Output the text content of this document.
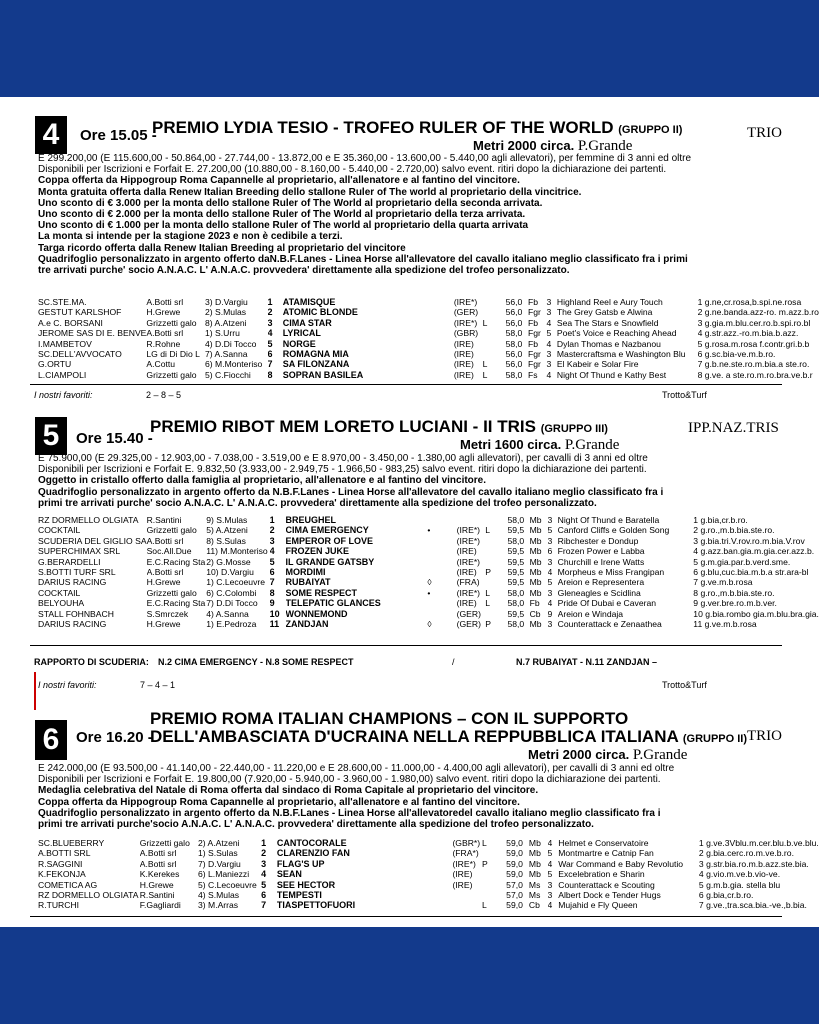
4	Ore 15.05 -
PREMIO LYDIA TESIO - TROFEO RULER OF THE WORLD (GRUPPO II)	TRIO
Metri 2000 circa. P.Grande
E 299.200,00 (E 115.600,00 - 50.864,00 - 27.744,00 - 13.872,00 e E 35.360,00 - 13.600,00 - 5.440,00 agli allevatori), per femmine di 3 anni ed oltre
Disponibili per Iscrizioni e Forfait E. 27.200,00 (10.880,00 - 8.160,00 - 5.440,00 - 2.720,00) salvo event. ritiri dopo la dichiarazione dei partenti.
Coppa offerta da Hippogroup Roma Capannelle al proprietario, all'allenatore e al fantino del vincitore.
Monta gratuita offerta dalla Renew Italian Breeding dello stallone Ruler of The world al proprietario della vincitrice.
Uno sconto di € 3.000 per la monta dello stallone Ruler of The World al proprietario della seconda arrivata.
Uno sconto di € 2.000 per la monta dello stallone Ruler of The World al proprietario della terza arrivata.
Uno sconto di € 1.000 per la monta dello stallone Ruler of The world al proprietario della quarta arrivata
La monta si intende per la stagione 2023 e non è cedibile a terzi.
Targa ricordo offerta dalla Renew Italian Breeding al proprietario del vincitore
Quadrifoglio personalizzato in argento offerto daN.B.F.Lanes - Linea Horse all'allevatore del cavallo italiano meglio classificato fra i primi
tre arrivati purche' socio A.N.A.C. L' A.N.A.C. provvedera' direttamente alla spedizione del trofeo personalizzato.
SC.STE.MA.	A.Botti srl	3) D.Vargiu	1	ATAMISQUE		(IRE*)		56,0	Fb	3	Highland Reel e Aury Touch	1 g.ne,cr.rosa,b.spi.ne.rosa
GESTUT KARLSHOF	H.Grewe	2) S.Mulas	2	ATOMIC BLONDE		(GER)		56,0	Fgr	3	The Grey Gatsb e Alwina	2 g.ne.banda.azz-ro. m.azz.b.ro
A.e C. BORSANI	Grizzetti galo	8) A.Atzeni	3	CIMA STAR		(IRE*)	L	56,0	Fb	4	Sea The Stars e Snowfield	3 g.gia.m.blu.cer.ro.b.spi.ro.bl
JEROME SAS DI E. BENVE	A.Botti srl	1) S.Urru	4	LYRICAL		(GBR)		58,0	Fgr	5	Poet's Voice e Reaching Ahead	4 g.str.azz.-ro.m.bia.b.azz.
I.MAMBETOV	R.Rohne	4) D.Di Tocco	5	NORGE		(IRE)		58,0	Fb	4	Dylan Thomas e Nazbanou	5 g.rosa.m.rosa f.contr.gri.b.b
SC.DELL'AVVOCATO	LG di Di Dio L	7) A.Sanna	6	ROMAGNA MIA		(IRE)		56,0	Fgr	3	Mastercraftsma e Washington Blu	6 g.sc.bia-ve.m.b.ro.
G.ORTU	A.Cottu	6) M.Monteriso	7	SA FILONZANA		(IRE)	L	56,0	Fgr	3	El Kabeir e Solar Fire	7 g.b.ne.ste.ro.m.bia.a ste.ro.
L.CIAMPOLI	Grizzetti galo	5) C.Fiocchi	8	SOPRAN BASILEA		(IRE)	L	58,0	Fs	4	Night Of Thund e Kathy Best	8 g.ve. a ste.ro.m.ro.bra.ve.b.r
I nostri favoriti:	2 – 8 – 5	Trotto&Turf
5	Ore 15.40 -
PREMIO RIBOT MEM LORETO LUCIANI - II TRIS (GRUPPO III)	IPP.NAZ.TRIS
Metri 1600 circa. P.Grande
E 75.900,00 (E 29.325,00 - 12.903,00 - 7.038,00 - 3.519,00 e E 8.970,00 - 3.450,00 - 1.380,00 agli allevatori), per cavalli di 3 anni ed oltre
Disponibili per Iscrizioni e Forfait E. 9.832,50 (3.933,00 - 2.949,75 - 1.966,50 - 983,25) salvo event. ritiri dopo la dichiarazione dei partenti.
Oggetto in cristallo offerto dalla famiglia al proprietario, all'allenatore e al fantino del vincitore.
Quadrifoglio personalizzato in argento offerto da N.B.F.Lanes - Linea Horse all'allevatore del cavallo italiano meglio classificato fra i
primi tre arrivati purche' socio A.N.A.C. L' A.N.A.C. provvedera' direttamente alla spedizione del trofeo personalizzato.
RZ DORMELLO OLGIATA	R.Santini	9) S.Mulas	1	BREUGHEL				58,0	Mb	3	Night Of Thund e Baratella	1 g.bia,cr.b.ro.
COCKTAIL	Grizzetti galo	5) A.Atzeni	2	CIMA EMERGENCY	•	(IRE*)	L	59,5	Mb	5	Canford Cliffs e Golden Song	2 g.ro.,m.b.bia.ste.ro.
SCUDERIA DEL GIGLIO SA	A.Botti srl	8) S.Sulas	3	EMPEROR OF LOVE		(IRE*)		58,0	Mb	3	Ribchester e Dondup	3 g.bia.tri.V.rov.ro.m.bia.V.rov
SUPERCHIMAX SRL	Soc.All.Due	11) M.Monteriso	4	FROZEN JUKE		(IRE)		59,5	Mb	6	Frozen Power e Labba	4 g.azz.ban.gia.m.gia.cer.azz.b.
G.BERARDELLI	E.C.Racing Sta	2) G.Mosse	5	IL GRANDE GATSBY		(IRE*)		59,5	Mb	3	Churchill e Irene Watts	5 g.m.gia.par.b.verd.sme.
S.BOTTI TURF SRL	A.Botti srl	10) D.Vargiu	6	MORDIMI		(IRE)	P	59,5	Mb	4	Morpheus e Miss Frangipan	6 g.blu,cuc.bia.m.b.a str.ara-bl
DARIUS RACING	H.Grewe	1) C.Lecoeuvre	7	RUBAIYAT	◊	(FRA)		59,5	Mb	5	Areion e Representera	7 g.ve.m.b.rosa
COCKTAIL	Grizzetti galo	6) C.Colombi	8	SOME RESPECT	•	(IRE*)	L	58,0	Mb	3	Gleneagles e Scidlina	8 g.ro.,m.b.bia.ste.ro.
BELYOUHA	E.C.Racing Sta	7) D.Di Tocco	9	TELEPATIC GLANCES		(IRE)	L	58,0	Fb	4	Pride Of Dubai e Caveran	9 g.ver.bre.ro.m.b.ver.
STALL FOHNBACH	S.Smrczek	4) A.Sanna	10	WONNEMOND		(GER)		59,5	Cb	9	Areion e Windaja	10 g.bia.rombo gia.m.blu.bra.gia.
DARIUS RACING	H.Grewe	1) E.Pedroza	11	ZANDJAN	◊	(GER)	P	58,0	Mb	3	Counterattack e Zenaathea	11 g.ve.m.b.rosa
RAPPORTO DI SCUDERIA: N.2 CIMA EMERGENCY - N.8 SOME RESPECT	/	N.7 RUBAIYAT - N.11 ZANDJAN –
I nostri favoriti:	7 – 4 – 1	Trotto&Turf
6
PREMIO ROMA ITALIAN CHAMPIONS – CON IL SUPPORTO
Ore 16.20 -
DELL'AMBASCIATA D'UCRAINA NELLA REPPUBBLICA ITALIANA (GRUPPO II) TRIO
Metri 2000 circa. P.Grande
E 242.000,00 (E 93.500,00 - 41.140,00 - 22.440,00 - 11.220,00 e E 28.600,00 - 11.000,00 - 4.400,00 agli allevatori), per cavalli di 3 anni ed oltre
Disponibili per Iscrizioni e Forfait E. 19.800,00 (7.920,00 - 5.940,00 - 3.960,00 - 1.980,00) salvo event. ritiri dopo la dichiarazione dei partenti.
Medaglia celebrativa del Natale di Roma offerta dal sindaco di Roma Capitale al proprietario del vincitore.
Coppa offerta da Hippogroup Roma Capannelle al proprietario, all'allenatore e al fantino del vincitore.
Quadrifoglio personalizzato in argento offerto da N.B.F.Lanes - Linea Horse all'allevatoredel cavallo italiano meglio classificato fra i
primi tre arrivati purche'socio A.N.A.C. L' A.N.A.C. provvedera' direttamente alla spedizione del trofeo personalizzato.
SC.BLUEBERRY	Grizzetti galo	2) A.Atzeni	1	CANTOCORALE		(GBR*)	L	59,0	Mb	4	Helmet e Conservatoire	1 g.ve.3Vblu.m.cer.blu.b.ve.blu.
A.BOTTI SRL	A.Botti srl	1) S.Sulas	2	CLARENZIO FAN		(FRA*)		59,0	Mb	5	Montmartre e Catnip Fan	2 g.bia.cerc.ro.m.ve.b.ro.
R.SAGGINI	A.Botti srl	7) D.Vargiu	3	FLAG'S UP		(IRE*)	P	59,0	Mb	4	War Command e Baby Revolutio	3 g.str.bia.ro.m.b.azz.ste.bia.
K.FEKONJA	K.Kerekes	6) L.Maniezzi	4	SEAN		(IRE)		59,0	Mb	5	Excelebration e Sharin	4 g.vio.m.ve.b.vio-ve.
COMETICA AG	H.Grewe	5) C.Lecoeuvre	5	SEE HECTOR		(IRE)		57,0	Ms	3	Counterattack e Scouting	5 g.m.b.gia. stella blu
RZ DORMELLO OLGIATA	R.Santini	4) S.Mulas	6	TEMPESTI				57,0	Ms	3	Albert Dock e Tender Hugs	6 g.bia,cr.b.ro.
R.TURCHI	F.Gagliardi	3) M.Arras	7	TIASPETTOFUORI			L	59,0	Cb	4	Mujahid e Fly Queen	7 g.ve.,tra.sca.bia.-ve.,b.bia.
